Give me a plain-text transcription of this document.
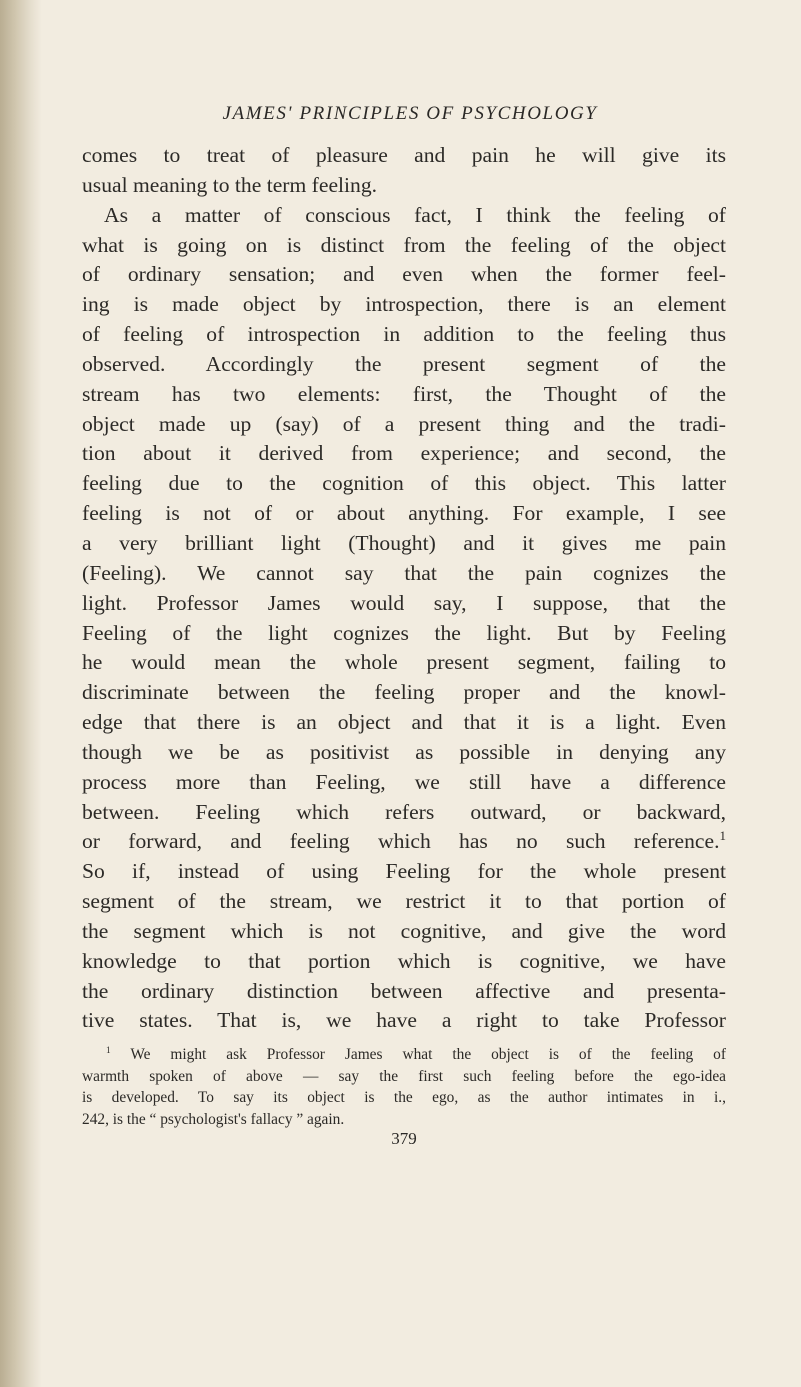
JAMES' PRINCIPLES OF PSYCHOLOGY
comes to treat of pleasure and pain he will give its
usual meaning to the term feeling.
As a matter of conscious fact, I think the feeling of
what is going on is distinct from the feeling of the object
of ordinary sensation; and even when the former feel-
ing is made object by introspection, there is an element
of feeling of introspection in addition to the feeling thus
observed. Accordingly the present segment of the
stream has two elements: first, the Thought of the
object made up (say) of a present thing and the tradi-
tion about it derived from experience; and second, the
feeling due to the cognition of this object. This latter
feeling is not of or about anything. For example, I see
a very brilliant light (Thought) and it gives me pain
(Feeling). We cannot say that the pain cognizes the
light. Professor James would say, I suppose, that the
Feeling of the light cognizes the light. But by Feeling
he would mean the whole present segment, failing to
discriminate between the feeling proper and the knowl-
edge that there is an object and that it is a light. Even
though we be as positivist as possible in denying any
process more than Feeling, we still have a difference
between. Feeling which refers outward, or backward,
or forward, and feeling which has no such reference.$^1$
So if, instead of using Feeling for the whole present
segment of the stream, we restrict it to that portion of
the segment which is not cognitive, and give the word
knowledge to that portion which is cognitive, we have
the ordinary distinction between affective and presenta-
tive states. That is, we have a right to take Professor
$^1$ We might ask Professor James what the object is of the feeling of
warmth spoken of above — say the first such feeling before the ego-idea
is developed. To say its object is the ego, as the author intimates in i.,
242, is the “ psychologist's fallacy ” again.
379
